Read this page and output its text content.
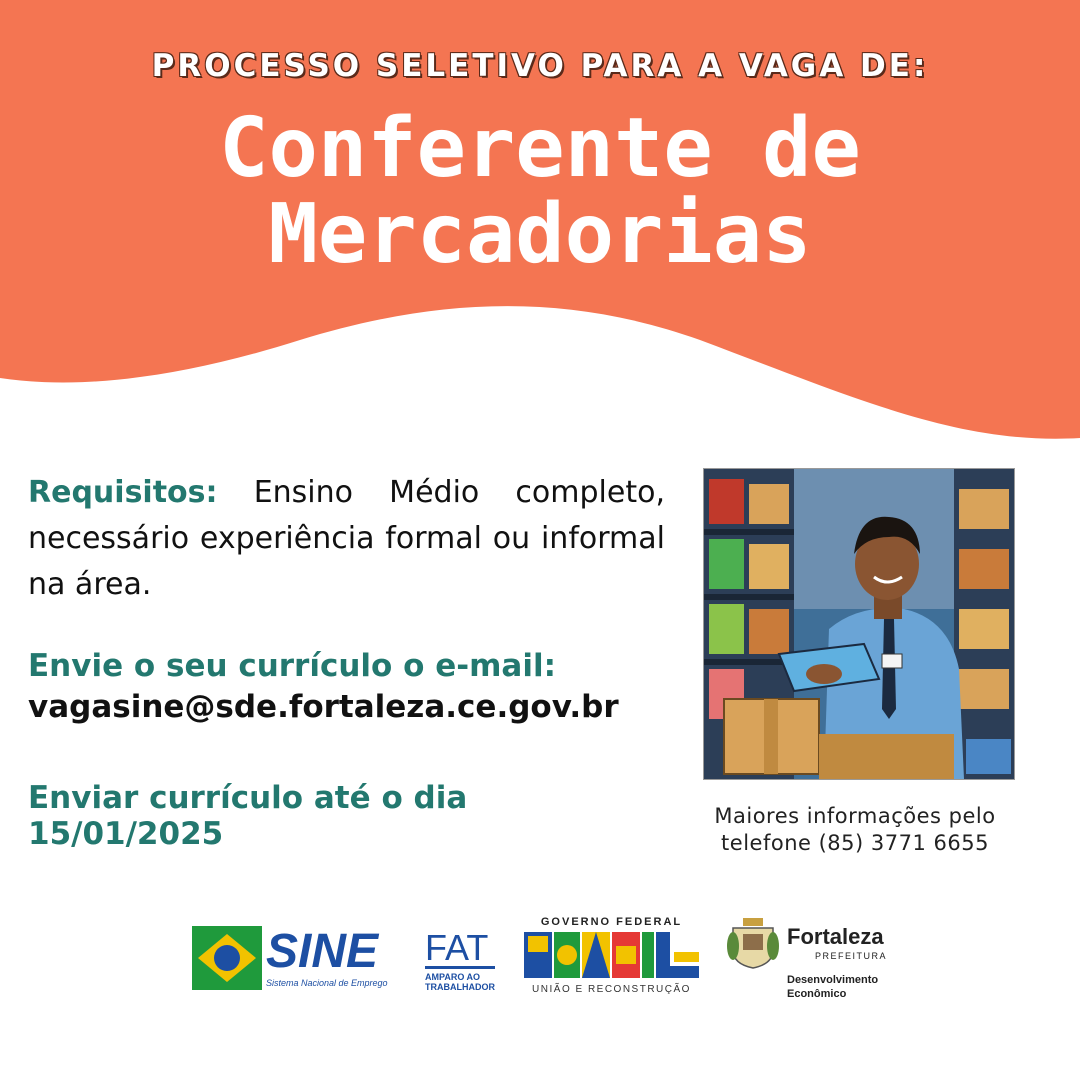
PROCESSO SELETIVO PARA A VAGA DE:
Conferente de
Mercadorias

Requisitos: Ensino Médio completo, necessário experiência formal ou informal na área.

Envie o seu currículo o e-mail:
vagasine@sde.fortaleza.ce.gov.br
Enviar currículo até o dia 15/01/2025	Maiores informações pelo
telefone (85) 3771 6655
SINE
Sistema Nacional de Emprego
FAT
AMPARO AO
TRABALHADOR
GOVERNO FEDERAL
UNIÃO E RECONSTRUÇÃO
Fortaleza
PREFEITURA
Desenvolvimento
Econômico
